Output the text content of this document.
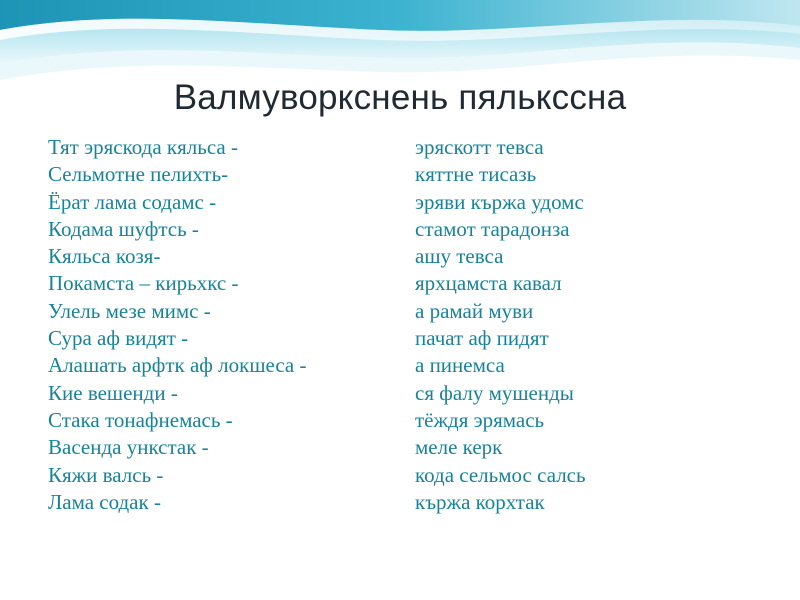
Валмуворкснень пялькссна
Тят эряскода кяльса -
Сельмотне пелихть-
Ёрат лама содамс -
Кодама шуфтсь -
Кяльса козя-
Покамста – кирьхкс -
Улель мезе мимс -
Сура аф видят -
Алашать арфтк аф локшеса -
Кие вешенди -
Стака тонафнемась -
Васенда ункстак -
Кяжи валсь -
Лама содак -
эряскотт тевса
кяттне тисазь
эряви кържа удомс
стамот тарадонза
ашу тевса
ярхцамста кавал
а рамай муви
пачат аф пидят
а пинемса
ся фалу мушенды
тёждя эрямась
меле керк
кода сельмос салсь
кържа корхтак
